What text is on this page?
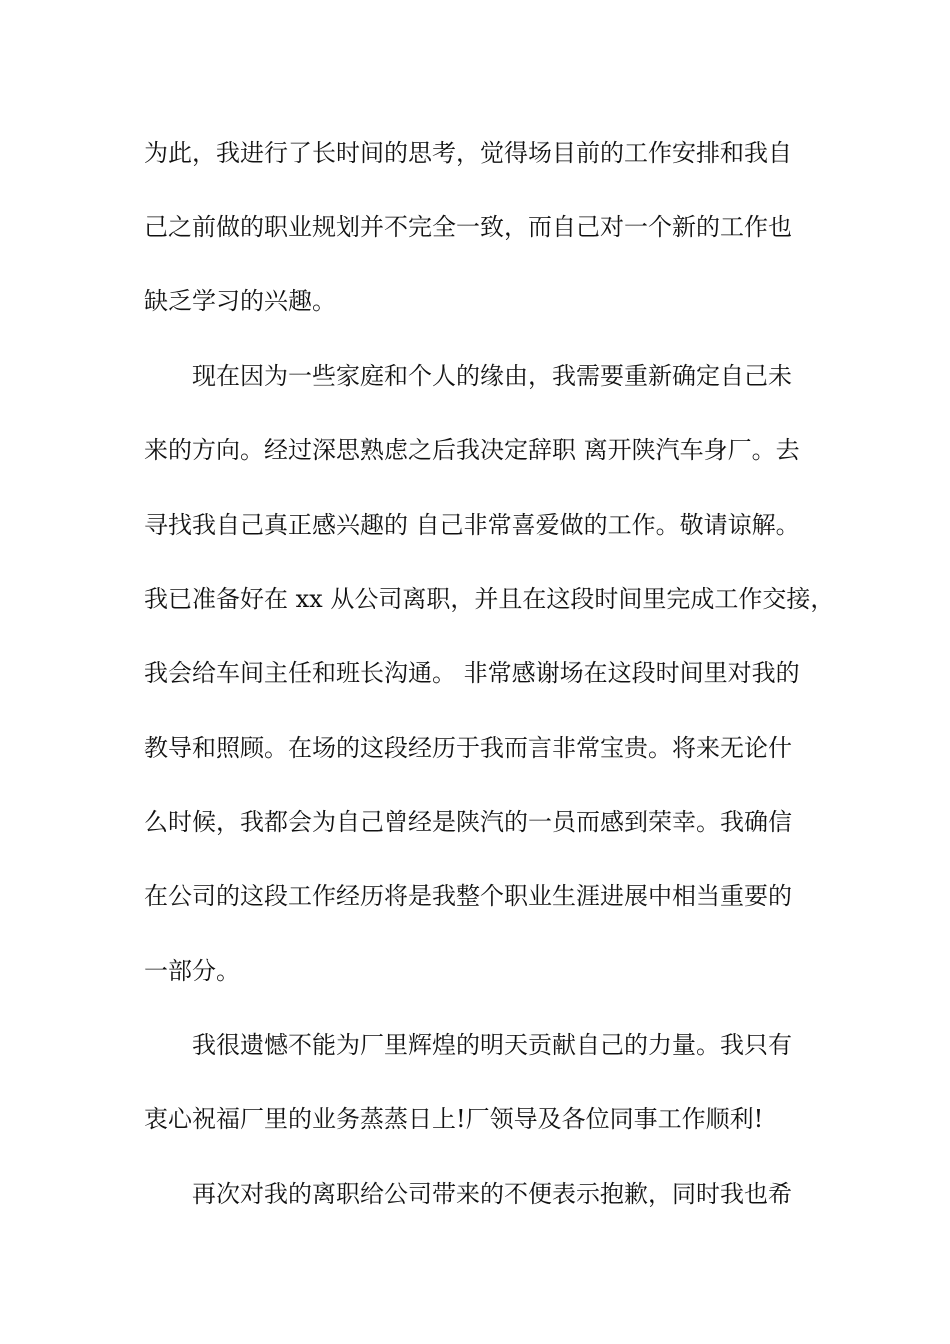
为此，我进行了长时间的思考，觉得场目前的工作安排和我自
己之前做的职业规划并不完全一致，而自己对一个新的工作也
缺乏学习的兴趣。
现在因为一些家庭和个人的缘由，我需要重新确定自己未
来的方向。经过深思熟虑之后我决定辞职 离开陕汽车身厂。去
寻找我自己真正感兴趣的 自己非常喜爱做的工作。敬请谅解。
我已准备好在 xx 从公司离职，并且在这段时间里完成工作交接，
我会给车间主任和班长沟通。 非常感谢场在这段时间里对我的
教导和照顾。在场的这段经历于我而言非常宝贵。将来无论什
么时候，我都会为自己曾经是陕汽的一员而感到荣幸。我确信
在公司的这段工作经历将是我整个职业生涯进展中相当重要的
一部分。
我很遗憾不能为厂里辉煌的明天贡献自己的力量。我只有
衷心祝福厂里的业务蒸蒸日上!厂领导及各位同事工作顺利!
再次对我的离职给公司带来的不便表示抱歉，同时我也希
